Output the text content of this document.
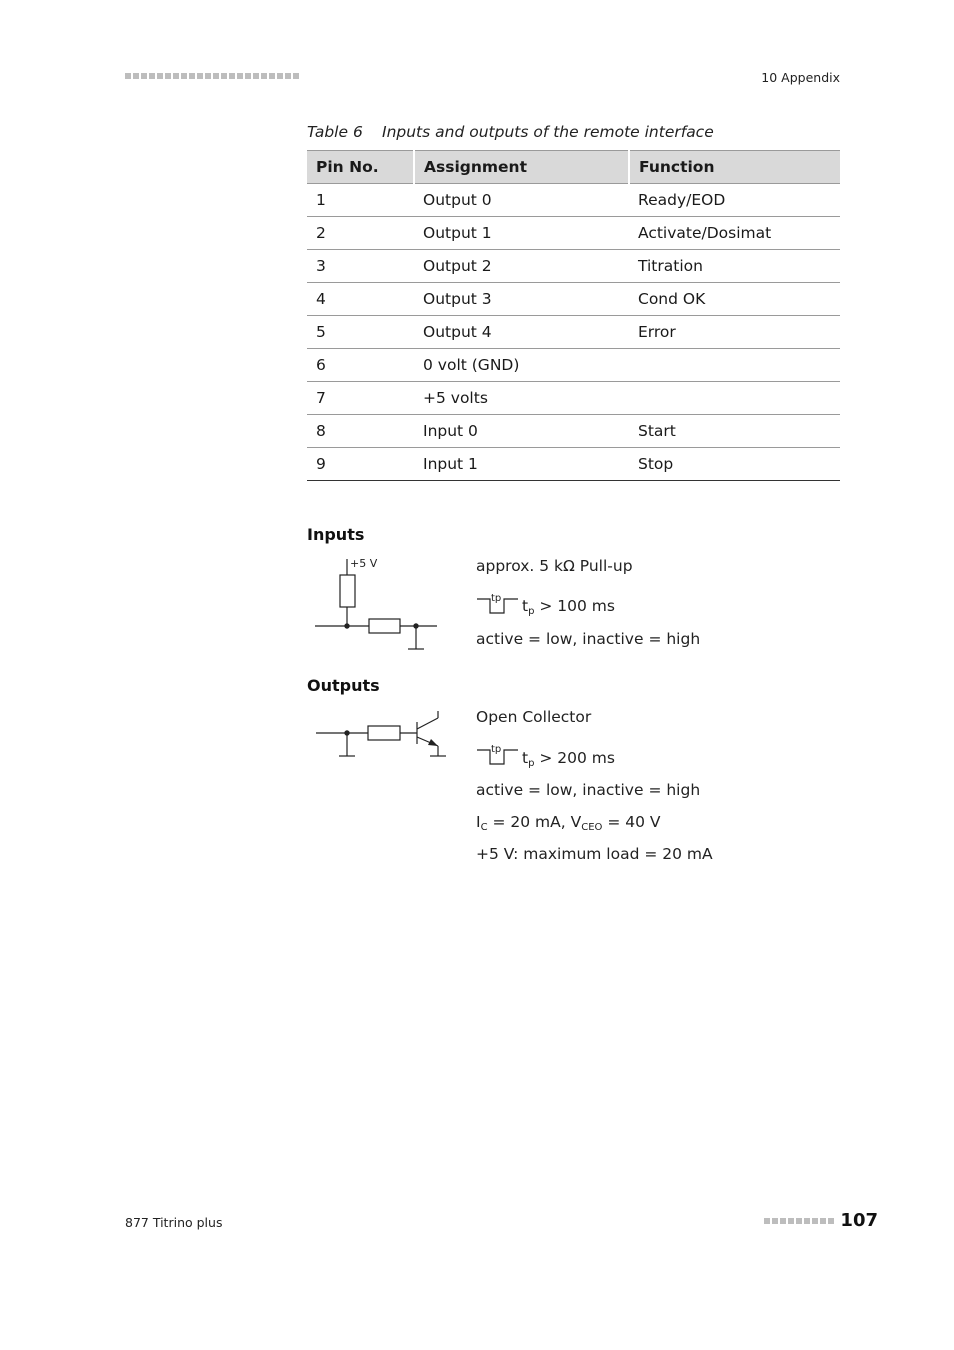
10 Appendix
Table 6 Inputs and outputs of the remote interface
Pin No.	Assignment	Function
1	Output 0	Ready/EOD
2	Output 1	Activate/Dosimat
3	Output 2	Titration
4	Output 3	Cond OK
5	Output 4	Error
6	0 volt (GND)	
7	+5 volts	
8	Input 0	Start
9	Input 1	Stop
Inputs
+5 V	approx. 5 kΩ Pull-up
tp $t_p > 100$ ms
active = low, inactive = high
Outputs
Open Collector
tp $t_p > 200$ ms
active = low, inactive = high
$I_C = 20$ mA, $V_{CEO} = 40$ V
+5 V: maximum load = 20 mA
877 Titrino plus	107
